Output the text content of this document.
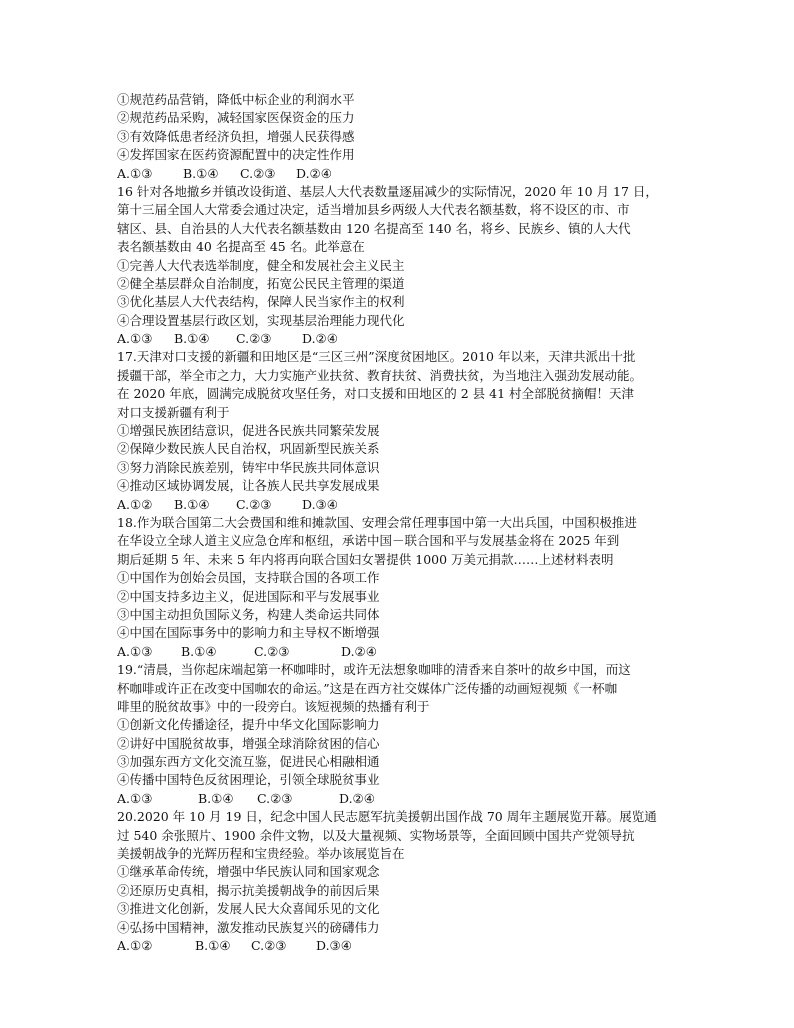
①规范药品营销，降低中标企业的利润水平
②规范药品采购，减轻国家医保资金的压力
③有效降低患者经济负担，增强人民获得感
④发挥国家在医药资源配置中的决定性作用
A.①③ B.①④ C.②③ D.②④
16 针对各地撤乡并镇改设街道、基层人大代表数量逐届减少的实际情况，2020 年 10 月 17 日，
第十三届全国人大常委会通过决定，适当增加县乡两级人大代表名额基数，将不设区的市、市
辖区、县、自治县的人大代表名额基数由 120 名提高至 140 名，将乡、民族乡、镇的人大代
表名额基数由 40 名提高至 45 名。此举意在
①完善人大代表选举制度，健全和发展社会主义民主
②健全基层群众自治制度，拓宽公民民主管理的渠道
③优化基层人大代表结构，保障人民当家作主的权利
④合理设置基层行政区划，实现基层治理能力现代化
A.①③ B.①④ C.②③ D.②④
17.天津对口支援的新疆和田地区是“三区三州”深度贫困地区。2010 年以来，天津共派出十批
援疆干部，举全市之力，大力实施产业扶贫、教育扶贫、消费扶贫，为当地注入强劲发展动能。
在 2020 年底，圆满完成脱贫攻坚任务，对口支援和田地区的 2 县 41 村全部脱贫摘帽！天津
对口支援新疆有利于
①增强民族团结意识，促进各民族共同繁荣发展
②保障少数民族人民自治权，巩固新型民族关系
③努力消除民族差别，铸牢中华民族共同体意识
④推动区域协调发展，让各族人民共享发展成果
A.①② B.①④ C.②③ D.③④
18.作为联合国第二大会费国和维和摊款国、安理会常任理事国中第一大出兵国，中国积极推进
在华设立全球人道主义应急仓库和枢纽，承诺中国－联合国和平与发展基金将在 2025 年到
期后延期 5 年、未来 5 年内将再向联合国妇女署提供 1000 万美元捐款……上述材料表明
①中国作为创始会员国，支持联合国的各项工作
②中国支持多边主义，促进国际和平与发展事业
③中国主动担负国际义务，构建人类命运共同体
④中国在国际事务中的影响力和主导权不断增强
A.①③ B.①④	C.②③	D.②④
19.“清晨，当你起床端起第一杯咖啡时，或许无法想象咖啡的清香来自茶叶的故乡中国，而这
杯咖啡或许正在改变中国咖农的命运。”这是在西方社交媒体广泛传播的动画短视频《一杯咖
啡里的脱贫故事》中的一段旁白。该短视频的热播有利于
①创新文化传播途径，提升中华文化国际影响力
②讲好中国脱贫故事，增强全球消除贫困的信心
③加强东西方文化交流互鉴，促进民心相融相通
④传播中国特色反贫困理论，引领全球脱贫事业
A.①③	B.①④ C.②③	D.②④
20.2020 年 10 月 19 日，纪念中国人民志愿军抗美援朝出国作战 70 周年主题展览开幕。展览通
过 540 余张照片、1900 余件文物，以及大量视频、实物场景等，全面回顾中国共产党领导抗
美援朝战争的光辉历程和宝贵经验。举办该展览旨在
①继承革命传统，增强中华民族认同和国家观念
②还原历史真相，揭示抗美援朝战争的前因后果
③推进文化创新，发展人民大众喜闻乐见的文化
④弘扬中国精神，激发推动民族复兴的磅礴伟力
A.①②	B.①④ C.②③ D.③④
